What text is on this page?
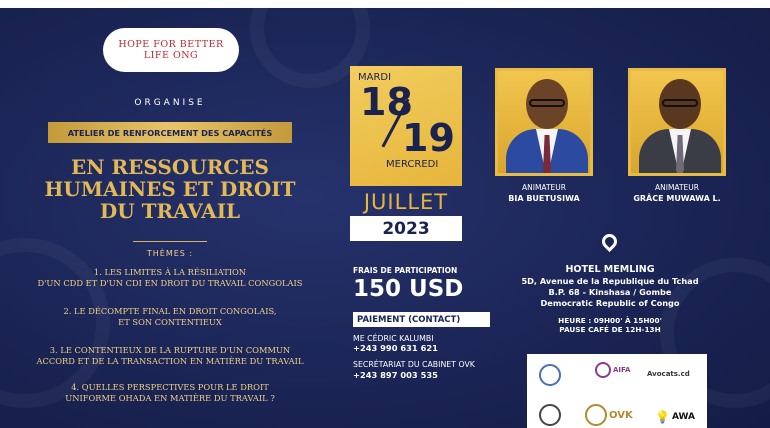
HOPE FOR BETTER LIFE ONG
ORGANISE
ATELIER DE RENFORCEMENT DES CAPACITÉS
EN RESSOURCES
HUMAINES ET DROIT
DU TRAVAIL
THÈMES :
1. LES LIMITES À LA RÉSILIATION
D'UN CDD ET D'UN CDI EN DROIT DU TRAVAIL CONGOLAIS
2. LE DÉCOMPTE FINAL EN DROIT CONGOLAIS,
ET SON CONTENTIEUX
3. LE CONTENTIEUX DE LA RUPTURE D'UN COMMUN
ACCORD ET DE LA TRANSACTION EN MATIÈRE DU TRAVAIL
4. QUELLES PERSPECTIVES POUR LE DROIT
UNIFORME OHADA EN MATIÈRE DU TRAVAIL ?
MARDI
18
19
MERCREDI
JUILLET
2023
ANIMATEUR
BIA BUETUSIWA
ANIMATEUR
GRÂCE MUWAWA L.
FRAIS DE PARTICIPATION
150 USD
PAIEMENT (CONTACT)
ME CÉDRIC KALUMBI
+243 990 631 621
SECRÉTARIAT DU CABINET OVK
+243 897 003 535
HOTEL MEMLING
5D, Avenue de la Republique du Tchad
B.P. 68 - Kinshasa / Gombe
Democratic Republic of Congo
HEURE : 09H00' À 15H00'
PAUSE CAFÉ DE 12H-13H
AIFA Avocats.cd
OVK 💡 AWA
